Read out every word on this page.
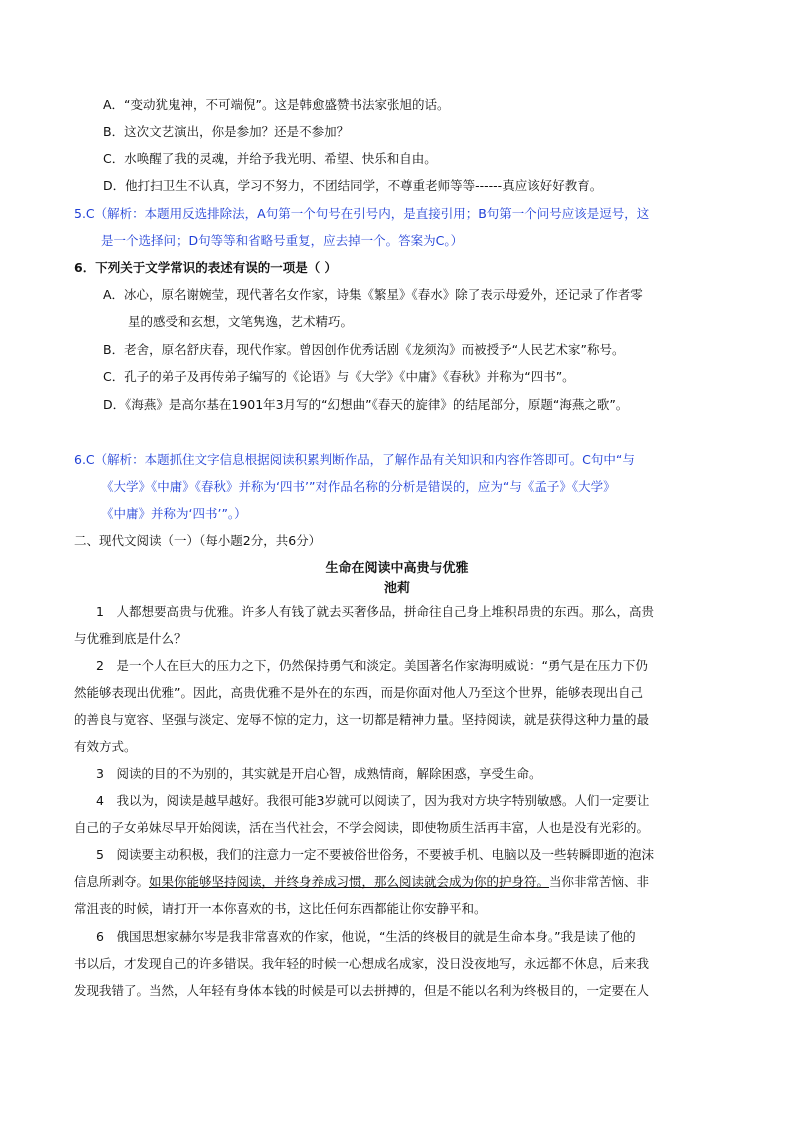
A．“变动犹鬼神，不可端倪”。这是韩愈盛赞书法家张旭的话。
B．这次文艺演出，你是参加？还是不参加？
C．水唤醒了我的灵魂，并给予我光明、希望、快乐和自由。
D．他打扫卫生不认真，学习不努力，不团结同学，不尊重老师等等------真应该好好教育。
5.C（解析：本题用反选排除法，A句第一个句号在引号内，是直接引用；B句第一个问号应该是逗号，这
是一个选择问；D句等等和省略号重复，应去掉一个。答案为C。）
6．下列关于文学常识的表述有误的一项是（ ）
A．冰心，原名谢婉莹，现代著名女作家，诗集《繁星》《春水》除了表示母爱外，还记录了作者零
星的感受和玄想，文笔隽逸，艺术精巧。
B．老舍，原名舒庆春，现代作家。曾因创作优秀话剧《龙须沟》而被授予“人民艺术家”称号。
C．孔子的弟子及再传弟子编写的《论语》与《大学》《中庸》《春秋》并称为“四书”。
D．《海燕》是高尔基在1901年3月写的“幻想曲”《春天的旋律》的结尾部分，原题“海燕之歌”。
6.C（解析：本题抓住文字信息根据阅读积累判断作品，了解作品有关知识和内容作答即可。C句中“与
《大学》《中庸》《春秋》并称为‘四书’”对作品名称的分析是错误的，应为“与《孟子》《大学》
《中庸》并称为‘四书’”。）
二、现代文阅读（一）（每小题2分，共6分）
生命在阅读中高贵与优雅
池莉
1　人都想要高贵与优雅。许多人有钱了就去买奢侈品，拼命往自己身上堆积昂贵的东西。那么，高贵
与优雅到底是什么？
2　是一个人在巨大的压力之下，仍然保持勇气和淡定。美国著名作家海明威说：“勇气是在压力下仍
然能够表现出优雅”。因此，高贵优雅不是外在的东西，而是你面对他人乃至这个世界，能够表现出自己
的善良与宽容、坚强与淡定、宠辱不惊的定力，这一切都是精神力量。坚持阅读，就是获得这种力量的最
有效方式。
3　阅读的目的不为别的，其实就是开启心智，成熟情商，解除困惑，享受生命。
4　我以为，阅读是越早越好。我很可能3岁就可以阅读了，因为我对方块字特别敏感。人们一定要让
自己的子女弟妹尽早开始阅读，活在当代社会，不学会阅读，即使物质生活再丰富，人也是没有光彩的。
5　阅读要主动积极，我们的注意力一定不要被俗世俗务，不要被手机、电脑以及一些转瞬即逝的泡沫
信息所剥夺。如果你能够坚持阅读，并终身养成习惯，那么阅读就会成为你的护身符。当你非常苦恼、非
常沮丧的时候，请打开一本你喜欢的书，这比任何东西都能让你安静平和。
6　俄国思想家赫尔岑是我非常喜欢的作家，他说，“生活的终极目的就是生命本身。”我是读了他的
书以后，才发现自己的许多错误。我年轻的时候一心想成名成家，没日没夜地写，永远都不休息，后来我
发现我错了。当然，人年轻有身体本钱的时候是可以去拼搏的，但是不能以名利为终极目的，一定要在人
